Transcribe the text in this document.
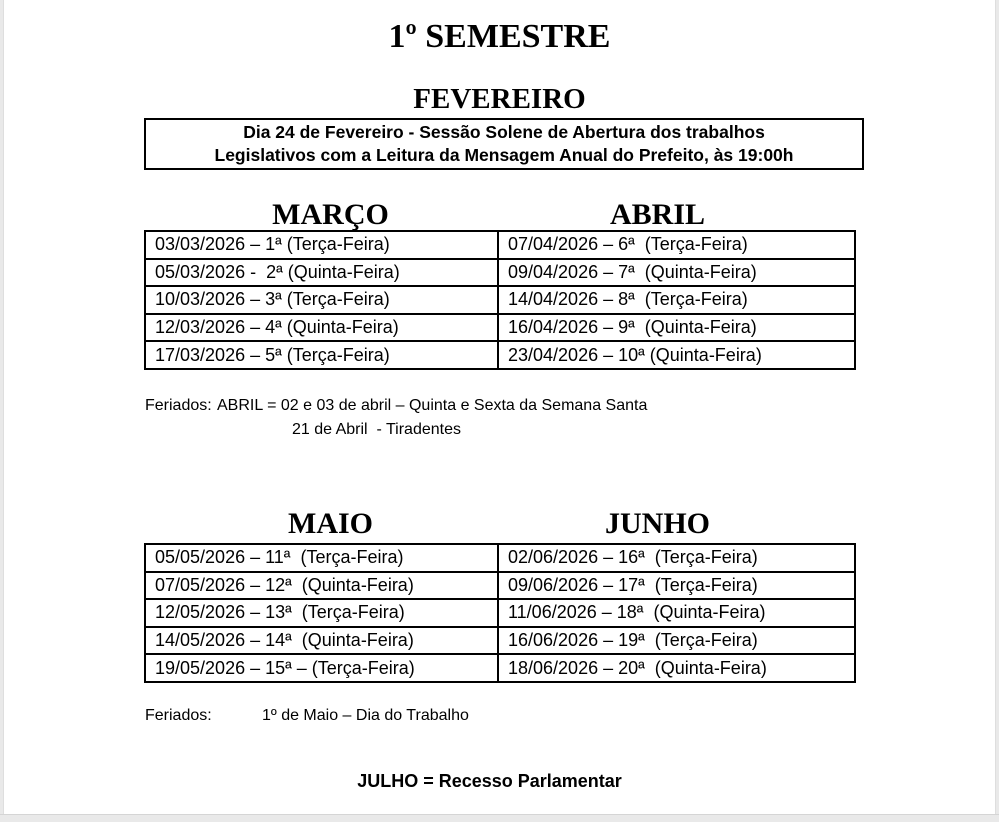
1º SEMESTRE
FEVEREIRO
Dia 24 de Fevereiro - Sessão Solene de Abertura dos trabalhos
Legislativos com a Leitura da Mensagem Anual do Prefeito, às 19:00h
MARÇO	ABRIL
03/03/2026 – 1ª (Terça-Feira)	07/04/2026 – 6ª  (Terça-Feira)
05/03/2026 -  2ª (Quinta-Feira)	09/04/2026 – 7ª  (Quinta-Feira)
10/03/2026 – 3ª (Terça-Feira)	14/04/2026 – 8ª  (Terça-Feira)
12/03/2026 – 4ª (Quinta-Feira)	16/04/2026 – 9ª  (Quinta-Feira)
17/03/2026 – 5ª (Terça-Feira)	23/04/2026 – 10ª (Quinta-Feira)
Feriados: ABRIL = 02 e 03 de abril – Quinta e Sexta da Semana Santa
21 de Abril  - Tiradentes
MAIO	JUNHO
05/05/2026 – 11ª  (Terça-Feira)	02/06/2026 – 16ª  (Terça-Feira)
07/05/2026 – 12ª  (Quinta-Feira)	09/06/2026 – 17ª  (Terça-Feira)
12/05/2026 – 13ª  (Terça-Feira)	11/06/2026 – 18ª  (Quinta-Feira)
14/05/2026 – 14ª  (Quinta-Feira)	16/06/2026 – 19ª  (Terça-Feira)
19/05/2026 – 15ª – (Terça-Feira)	18/06/2026 – 20ª  (Quinta-Feira)
Feriados:	1º de Maio – Dia do Trabalho
JULHO = Recesso Parlamentar
